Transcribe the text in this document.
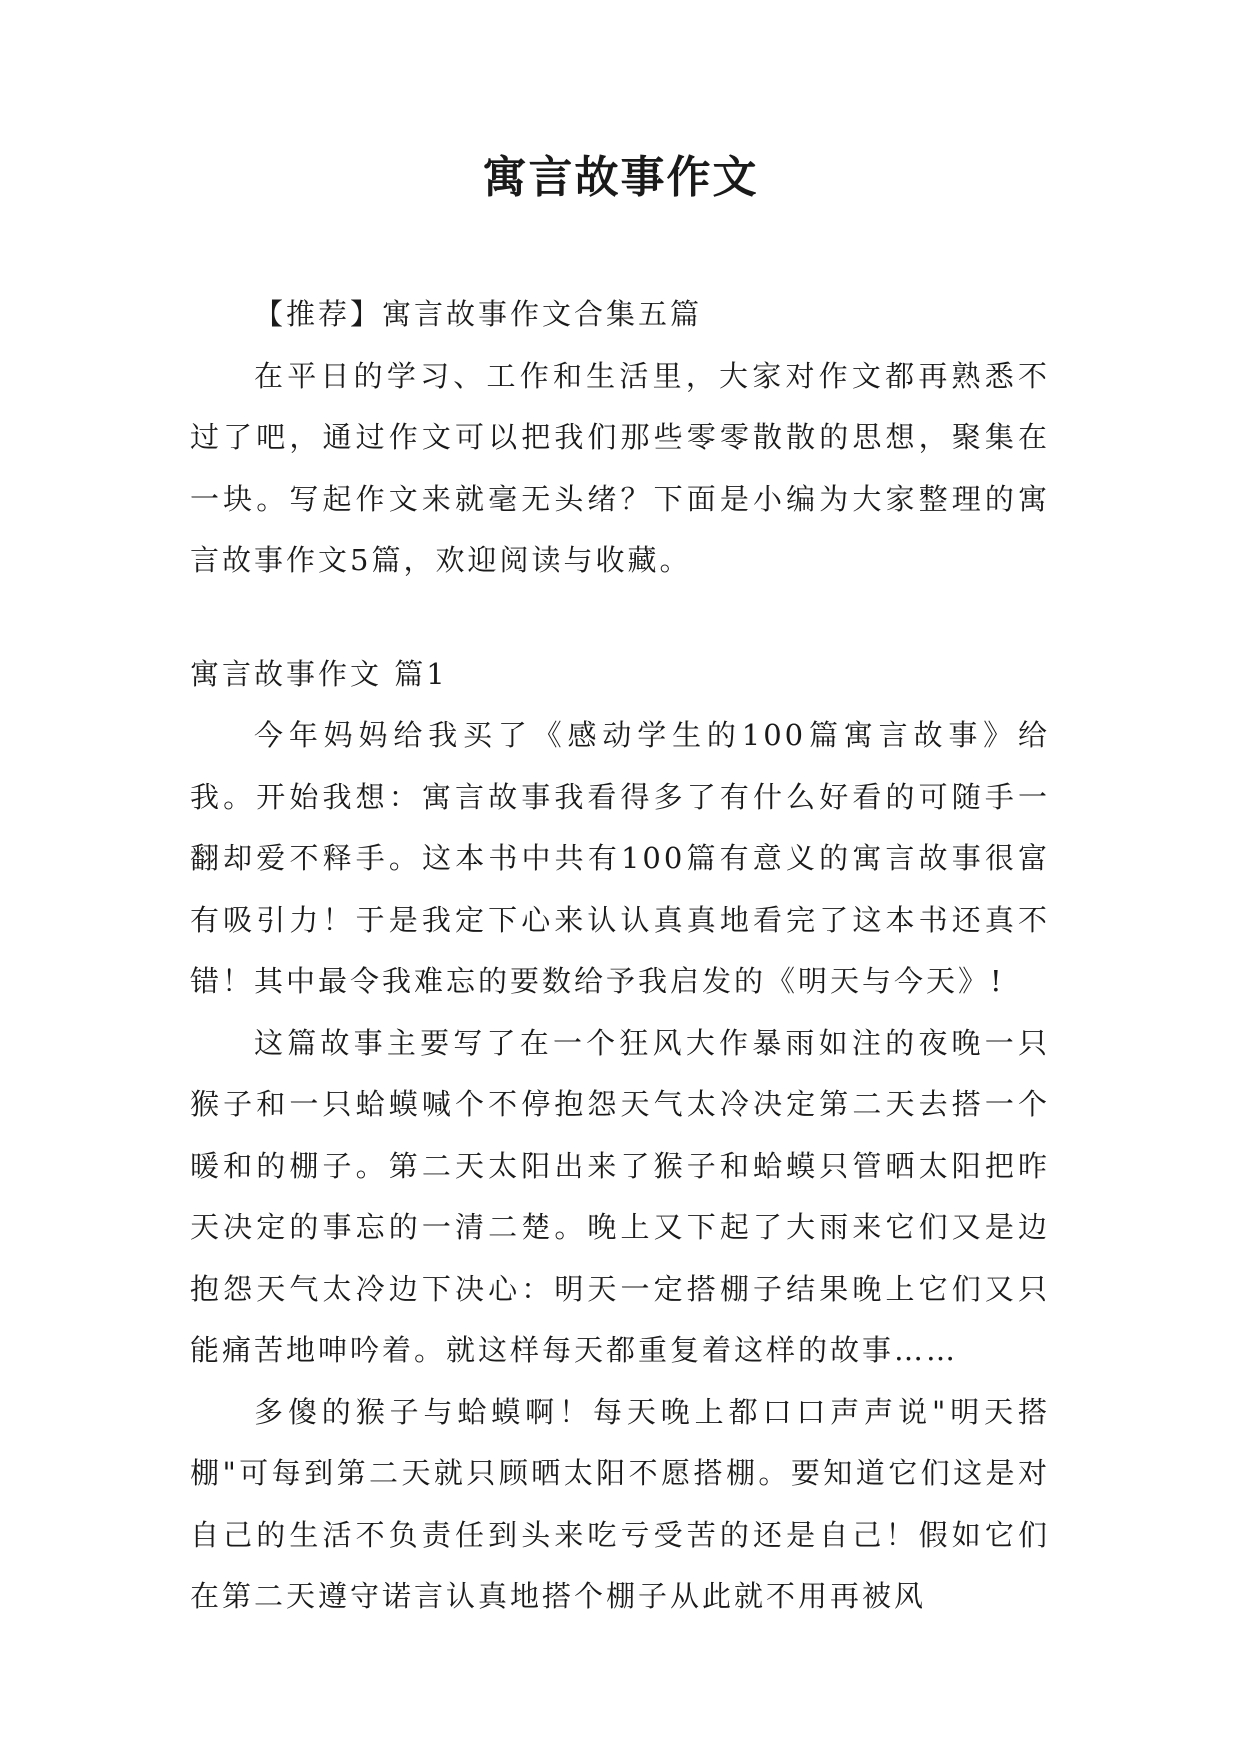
寓言故事作文

【推荐】寓言故事作文合集五篇

在平日的学习、工作和生活里，大家对作文都再熟悉不过了吧，通过作文可以把我们那些零零散散的思想，聚集在一块。写起作文来就毫无头绪？下面是小编为大家整理的寓言故事作文5篇，欢迎阅读与收藏。

寓言故事作文 篇1

今年妈妈给我买了《感动学生的100篇寓言故事》给我。开始我想：寓言故事我看得多了有什么好看的可随手一翻却爱不释手。这本书中共有100篇有意义的寓言故事很富有吸引力！于是我定下心来认认真真地看完了这本书还真不错！其中最令我难忘的要数给予我启发的《明天与今天》!

这篇故事主要写了在一个狂风大作暴雨如注的夜晚一只猴子和一只蛤蟆喊个不停抱怨天气太冷决定第二天去搭一个暖和的棚子。第二天太阳出来了猴子和蛤蟆只管晒太阳把昨天决定的事忘的一清二楚。晚上又下起了大雨来它们又是边抱怨天气太冷边下决心：明天一定搭棚子结果晚上它们又只能痛苦地呻吟着。就这样每天都重复着这样的故事……

多傻的猴子与蛤蟆啊！每天晚上都口口声声说"明天搭棚"可每到第二天就只顾晒太阳不愿搭棚。要知道它们这是对自己的生活不负责任到头来吃亏受苦的还是自己！假如它们在第二天遵守诺言认真地搭个棚子从此就不用再被风
